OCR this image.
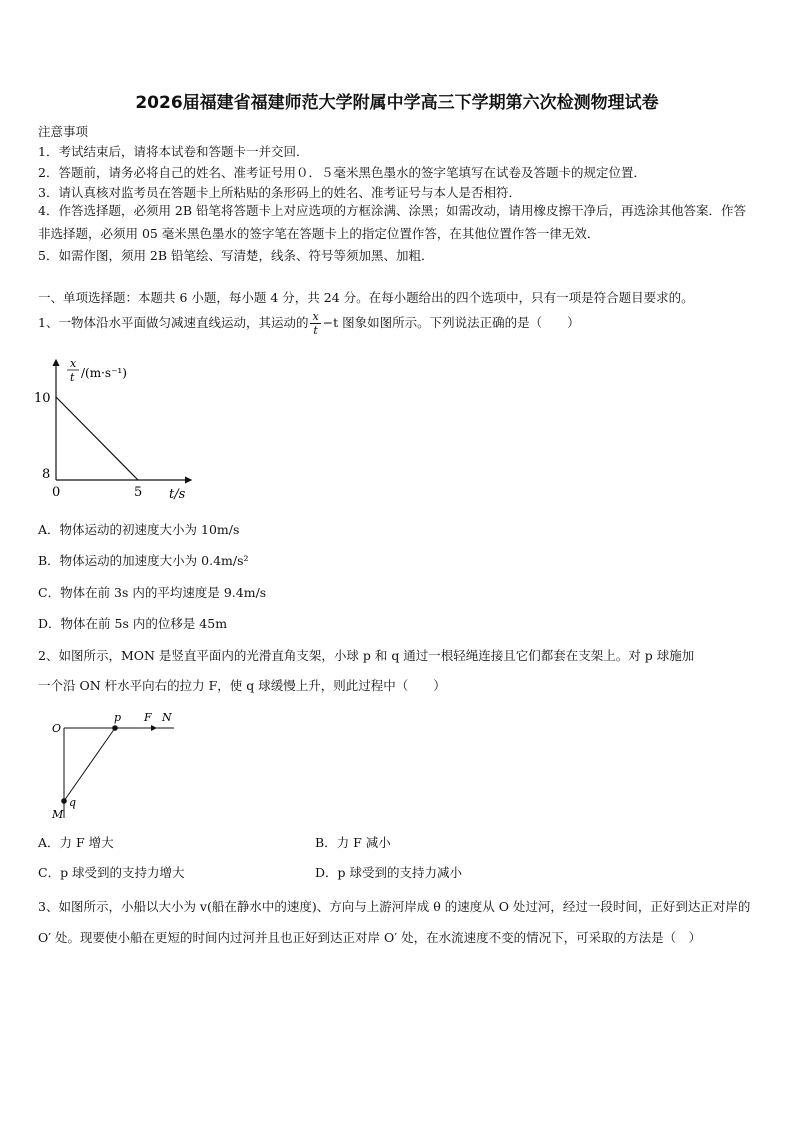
2026届福建省福建师范大学附属中学高三下学期第六次检测物理试卷
注意事项
1．考试结束后，请将本试卷和答题卡一并交回．
2．答题前，请务必将自己的姓名、准考证号用０．５毫米黑色墨水的签字笔填写在试卷及答题卡的规定位置．
3．请认真核对监考员在答题卡上所粘贴的条形码上的姓名、准考证号与本人是否相符．
4．作答选择题，必须用 2B 铅笔将答题卡上对应选项的方框涂满、涂黑；如需改动，请用橡皮擦干净后，再选涂其他答案．作答非选择题，必须用 05 毫米黑色墨水的签字笔在答题卡上的指定位置作答，在其他位置作答一律无效．
5．如需作图，须用 2B 铅笔绘、写清楚，线条、符号等须加黑、加粗．
一、单项选择题：本题共 6 小题，每小题 4 分，共 24 分。在每小题给出的四个选项中，只有一项是符合题目要求的。
1、一物体沿水平面做匀减速直线运动，其运动的 $\frac{x}{t} -t$ 图象如图所示。下列说法正确的是（　　）
x
t /(m·s⁻¹)
10
8
0	5 t/s
A．物体运动的初速度大小为 10m/s
B．物体运动的加速度大小为 0.4m/s²
C．物体在前 3s 内的平均速度是 9.4m/s
D．物体在前 5s 内的位移是 45m
2、如图所示，MON 是竖直平面内的光滑直角支架，小球 p 和 q 通过一根轻绳连接且它们都套在支架上。对 p 球施加
一个沿 ON 杆水平向右的拉力 F，使 q 球缓慢上升，则此过程中（　　）
O
p F N
q
M
A．力 F 增大	B．力 F 减小
C．p 球受到的支持力增大	D．p 球受到的支持力减小
3、如图所示，小船以大小为 v(船在静水中的速度)、方向与上游河岸成 θ 的速度从 O 处过河，经过一段时间，正好到达正对岸的 O′ 处。现要使小船在更短的时间内过河并且也正好到达正对岸 O′ 处，在水流速度不变的情况下，可采取的方法是（　）
